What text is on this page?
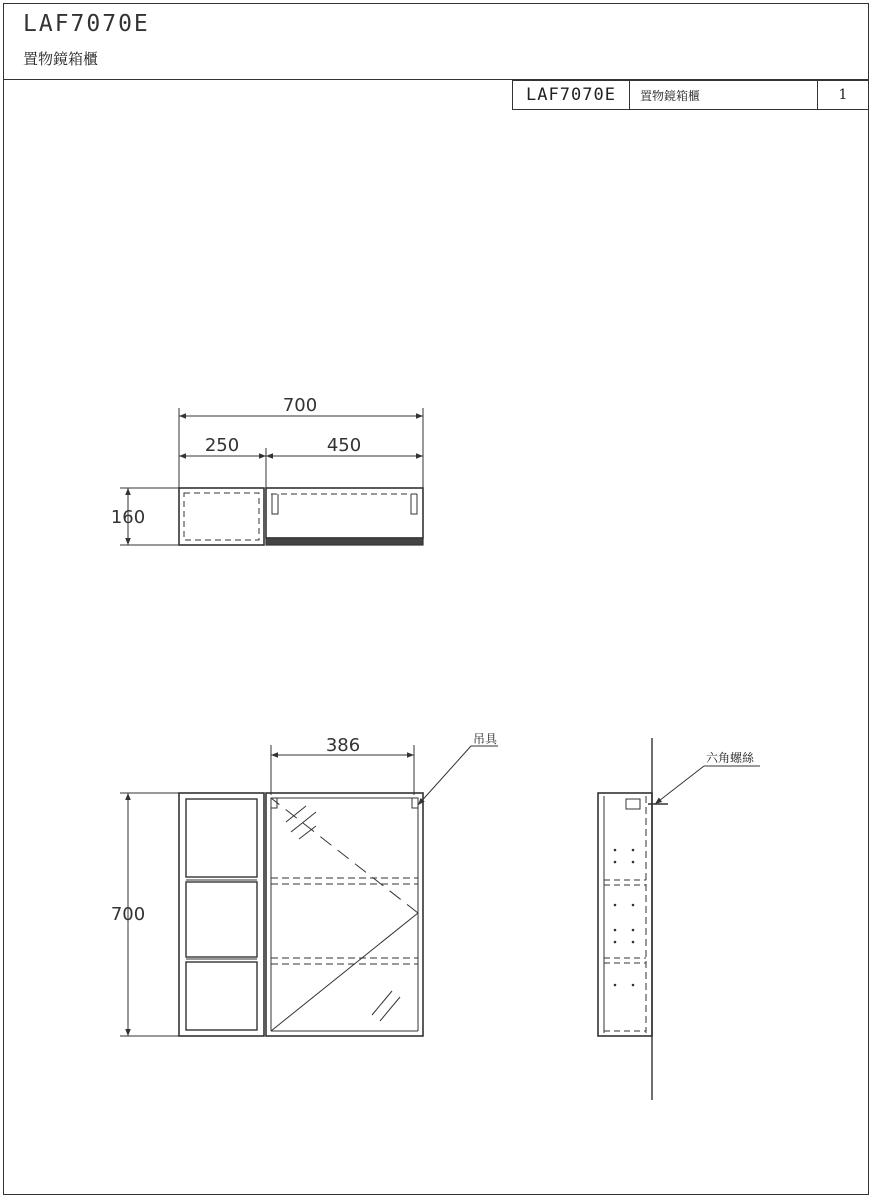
LAF7070E
置物鏡箱櫃
LAF7070E	置物鏡箱櫃	1
700
250	450
160
386
700
吊具
六角螺絲
